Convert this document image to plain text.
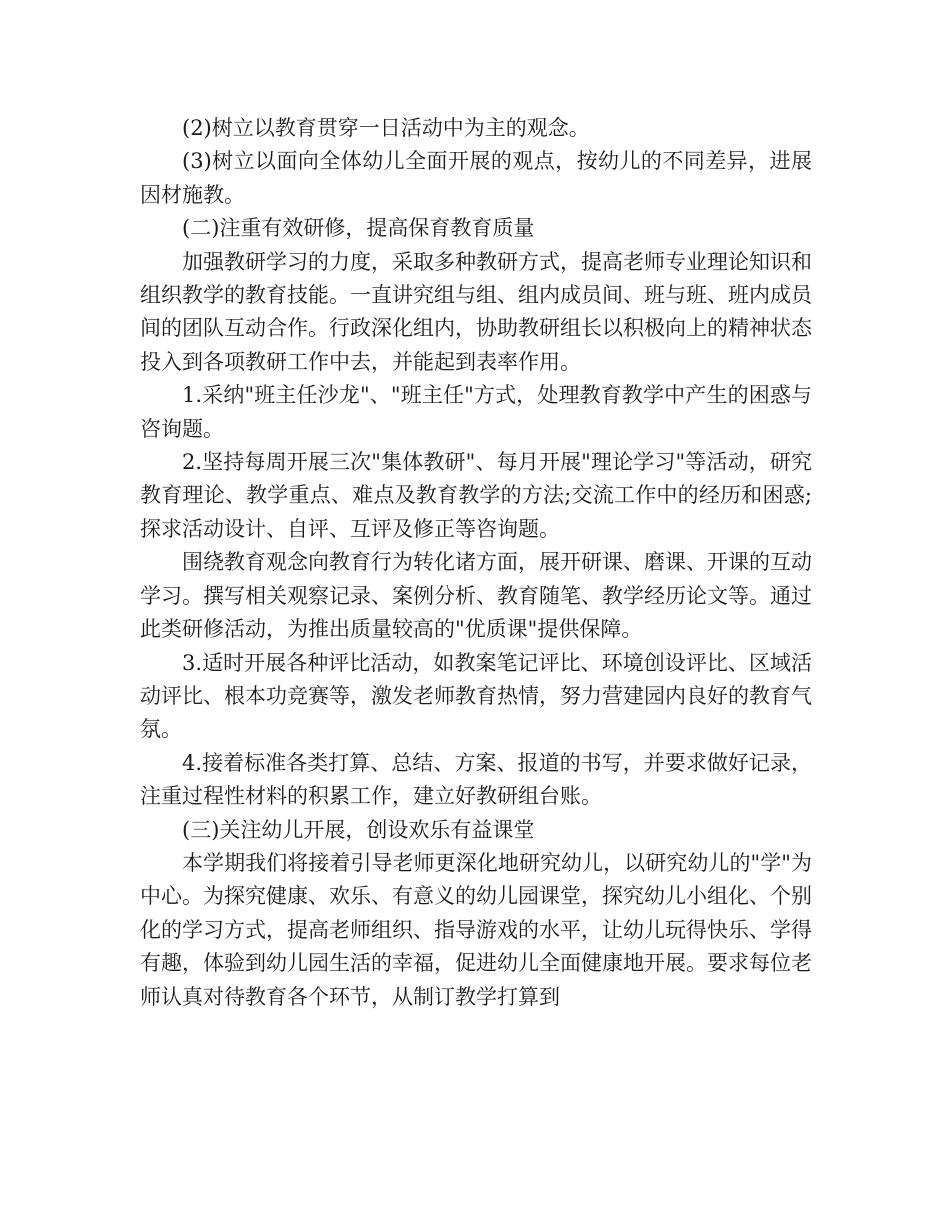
(2)树立以教育贯穿一日活动中为主的观念。

(3)树立以面向全体幼儿全面开展的观点，按幼儿的不同差异，进展因材施教。

(二)注重有效研修，提高保育教育质量

加强教研学习的力度，采取多种教研方式，提高老师专业理论知识和组织教学的教育技能。一直讲究组与组、组内成员间、班与班、班内成员间的团队互动合作。行政深化组内，协助教研组长以积极向上的精神状态投入到各项教研工作中去，并能起到表率作用。

1.采纳"班主任沙龙"、"班主任"方式，处理教育教学中产生的困惑与咨询题。

2.坚持每周开展三次"集体教研"、每月开展"理论学习"等活动，研究教育理论、教学重点、难点及教育教学的方法;交流工作中的经历和困惑;探求活动设计、自评、互评及修正等咨询题。

围绕教育观念向教育行为转化诸方面，展开研课、磨课、开课的互动学习。撰写相关观察记录、案例分析、教育随笔、教学经历论文等。通过此类研修活动，为推出质量较高的"优质课"提供保障。

3.适时开展各种评比活动，如教案笔记评比、环境创设评比、区域活动评比、根本功竞赛等，激发老师教育热情，努力营建园内良好的教育气氛。

4.接着标准各类打算、总结、方案、报道的书写，并要求做好记录，注重过程性材料的积累工作，建立好教研组台账。

(三)关注幼儿开展，创设欢乐有益课堂

本学期我们将接着引导老师更深化地研究幼儿，以研究幼儿的"学"为中心。为探究健康、欢乐、有意义的幼儿园课堂，探究幼儿小组化、个别化的学习方式，提高老师组织、指导游戏的水平，让幼儿玩得快乐、学得有趣，体验到幼儿园生活的幸福，促进幼儿全面健康地开展。要求每位老师认真对待教育各个环节，从制订教学打算到
